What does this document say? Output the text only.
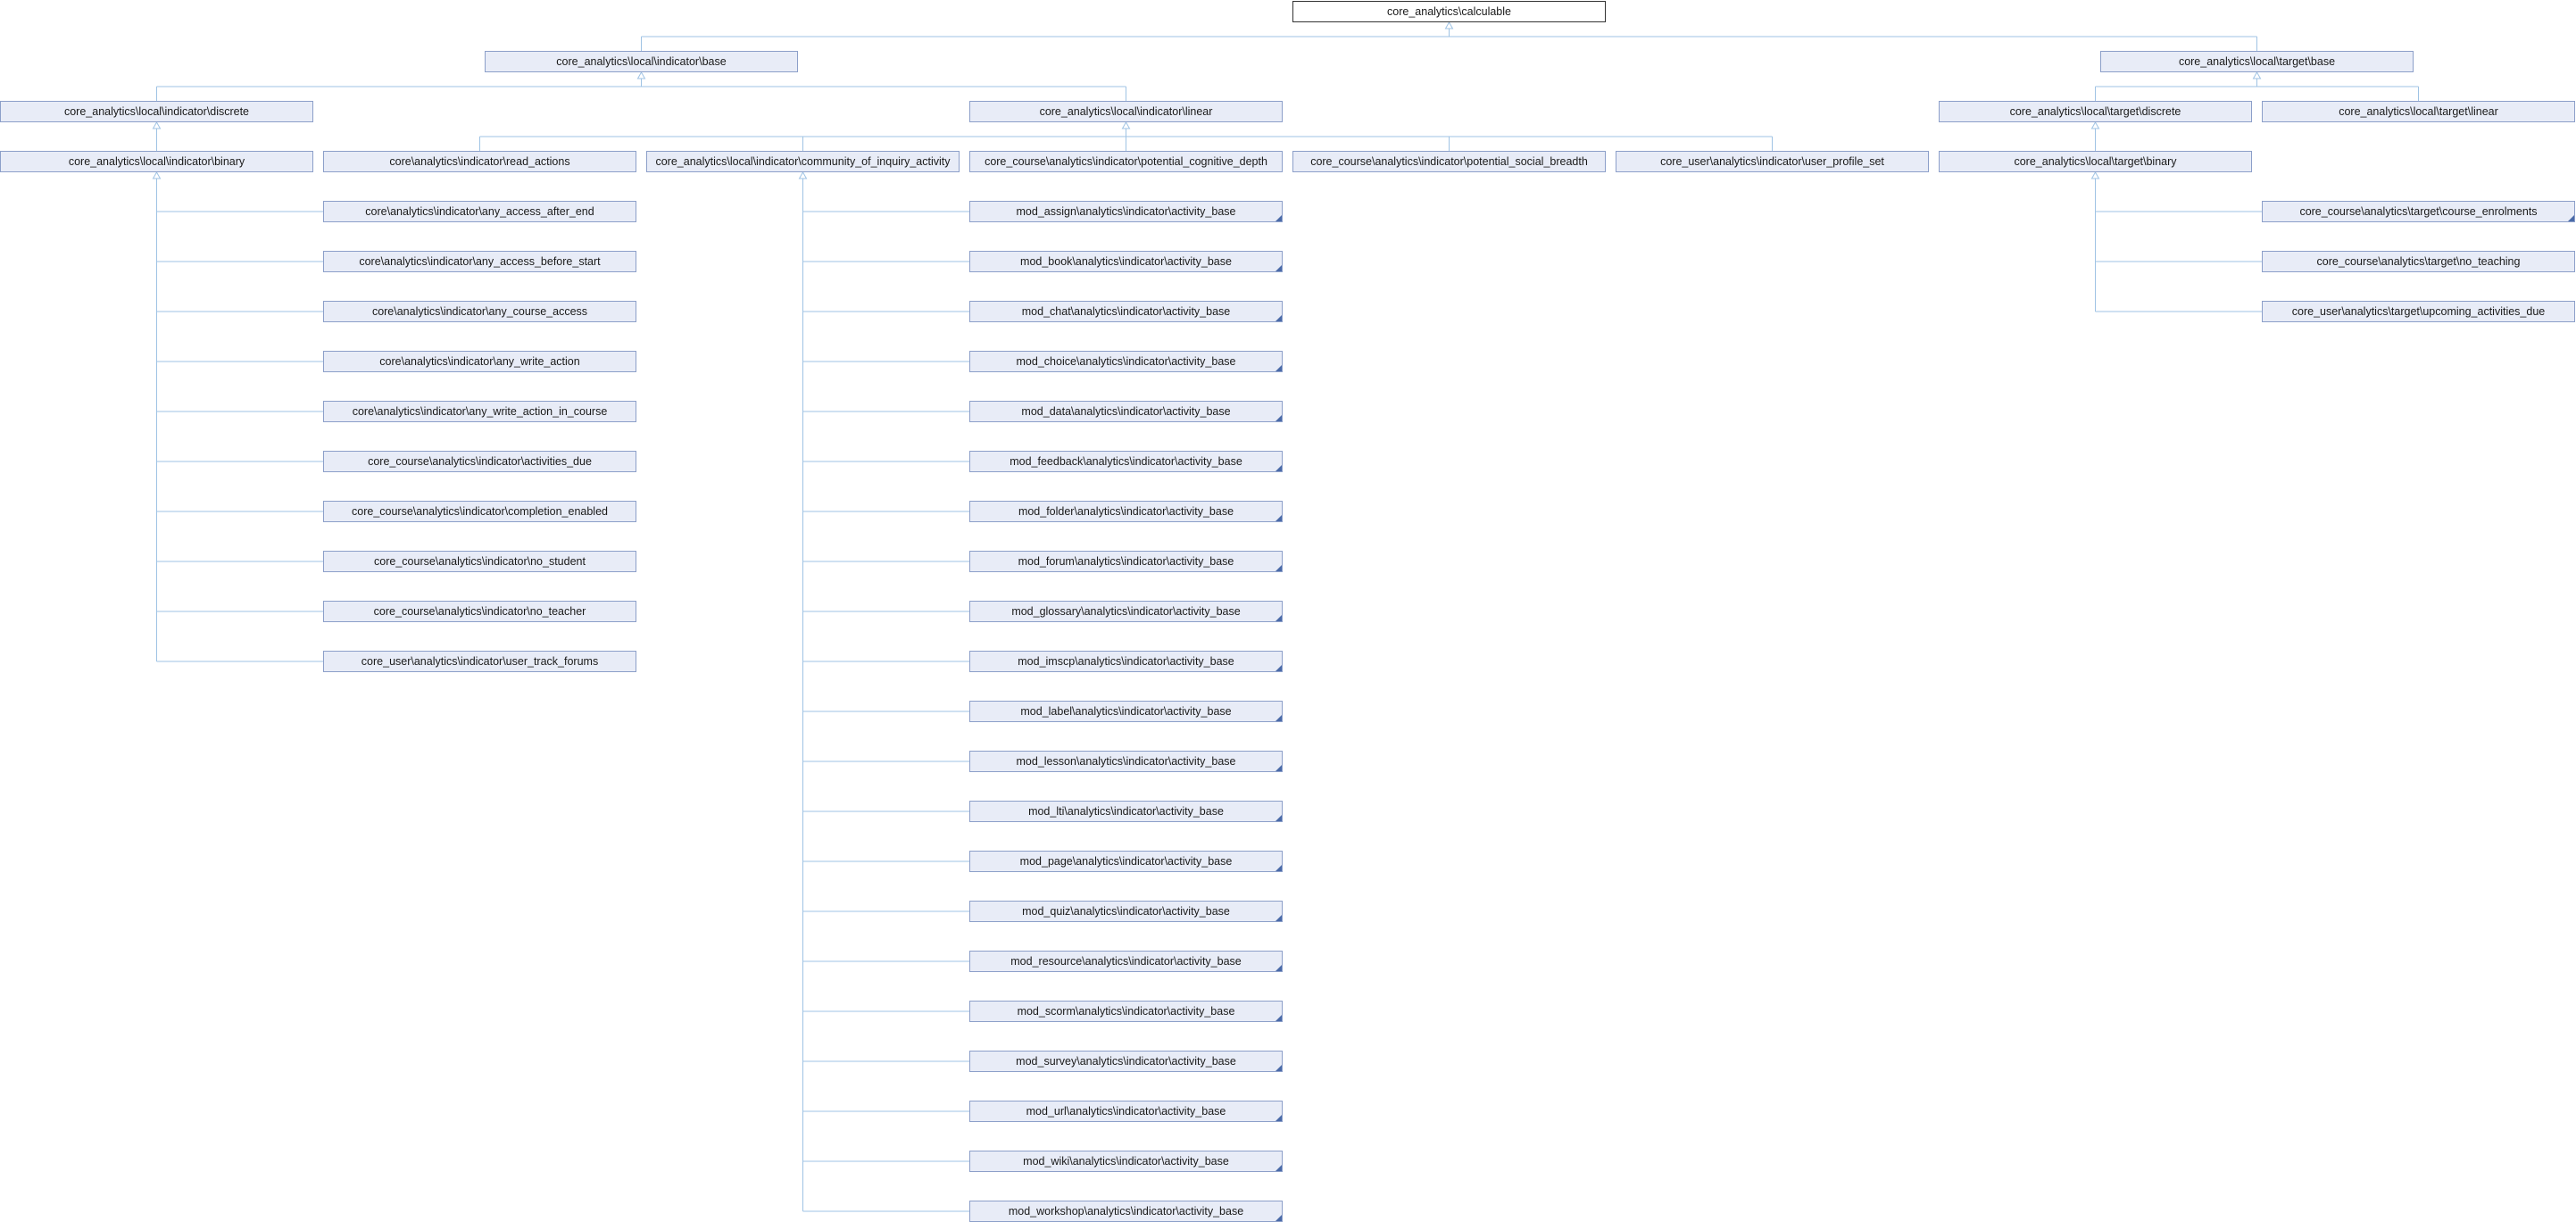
core_analytics\calculable
core_analytics\local\indicator\base	core_analytics\local\target\base
core_analytics\local\indicator\discrete	core_analytics\local\indicator\linear	core_analytics\local\target\discrete	core_analytics\local\target\linear
core_analytics\local\indicator\binary	core\analytics\indicator\read_actions	core_analytics\local\indicator\community_of_inquiry_activity	core_course\analytics\indicator\potential_cognitive_depth	core_course\analytics\indicator\potential_social_breadth	core_user\analytics\indicator\user_profile_set	core_analytics\local\target\binary
core\analytics\indicator\any_access_after_end
core\analytics\indicator\any_access_before_start
core\analytics\indicator\any_course_access
core\analytics\indicator\any_write_action
core\analytics\indicator\any_write_action_in_course
core_course\analytics\indicator\activities_due
core_course\analytics\indicator\completion_enabled
core_course\analytics\indicator\no_student
core_course\analytics\indicator\no_teacher
core_user\analytics\indicator\user_track_forums
mod_assign\analytics\indicator\activity_base
mod_book\analytics\indicator\activity_base
mod_chat\analytics\indicator\activity_base
mod_choice\analytics\indicator\activity_base
mod_data\analytics\indicator\activity_base
mod_feedback\analytics\indicator\activity_base
mod_folder\analytics\indicator\activity_base
mod_forum\analytics\indicator\activity_base
mod_glossary\analytics\indicator\activity_base
mod_imscp\analytics\indicator\activity_base
mod_label\analytics\indicator\activity_base
mod_lesson\analytics\indicator\activity_base
mod_lti\analytics\indicator\activity_base
mod_page\analytics\indicator\activity_base
mod_quiz\analytics\indicator\activity_base
mod_resource\analytics\indicator\activity_base
mod_scorm\analytics\indicator\activity_base
mod_survey\analytics\indicator\activity_base
mod_url\analytics\indicator\activity_base
mod_wiki\analytics\indicator\activity_base
mod_workshop\analytics\indicator\activity_base
core_course\analytics\target\course_enrolments
core_course\analytics\target\no_teaching
core_user\analytics\target\upcoming_activities_due
